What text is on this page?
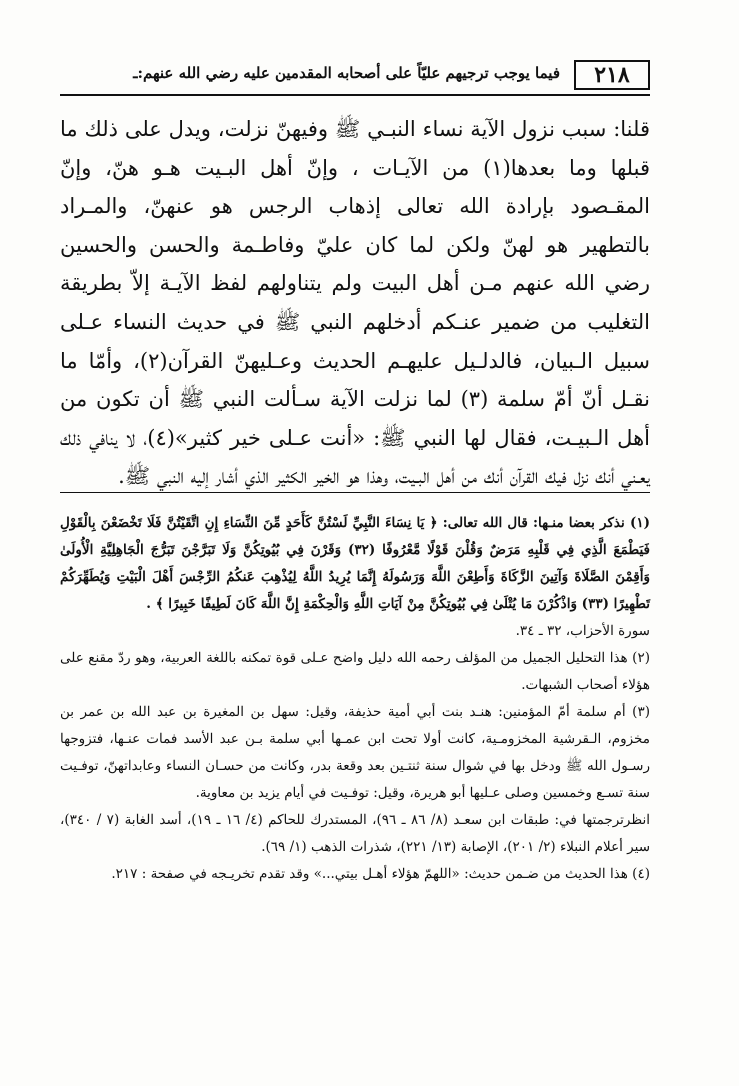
٢١٨
فيما يوجب ترجيهم عليّاً على أصحابه المقدمين عليه رضي الله عنهم:ـ

قلنا: سبب نزول الآية نساء النبـي ﷺ وفيهنّ نزلت، ويدل على ذلك ما قبلها وما بعدها(١) من الآيـات ، وإنّ أهل البـيت هـو هنّ، وإنّ المقـصود بإرادة الله تعالى إذهاب الرجس هو عنهنّ، والمـراد بالتطهير هو لهنّ ولكن لما كان عليّ وفاطـمة والحسن والحسين رضي الله عنهم مـن أهل البيت ولم يتناولهم لفظ الآيـة إلاّ بطريقة التغليب من ضمير عنـكم أدخلهم النبي ﷺ في حديث النساء عـلى سبيل الـبيان، فالدلـيل عليهـم الحديث وعـليهنّ القرآن(٢)، وأمّا ما نقـل أنّ أمّ سلمة (٣) لما نزلت الآية سـألت النبي ﷺ أن تكون من أهل الـبيـت، فقال لها النبي ﷺ: «أنت عـلى خير كثير»(٤)، لا ينافي ذلك يعـني أنك نزل فيك القرآن أنك من أهل البـيت، وهذا هو الخير الكثير الذي أشار إليه النبي ﷺ.

(١) نذكر بعضا منـها: قال الله تعالى: ﴿ يَا نِسَاءَ النَّبِيِّ لَسْتُنَّ كَأَحَدٍ مِّنَ النِّسَاءِ إِنِ اتَّقَيْتُنَّ فَلَا تَخْضَعْنَ بِالْقَوْلِ فَيَطْمَعَ الَّذِي فِي قَلْبِهِ مَرَضٌ وَقُلْنَ قَوْلًا مَّعْرُوفًا (٣٢) وَقَرْنَ فِي بُيُوتِكُنَّ وَلَا تَبَرَّجْنَ تَبَرُّجَ الْجَاهِلِيَّةِ الْأُولَىٰ وَأَقِمْنَ الصَّلَاةَ وَآتِينَ الزَّكَاةَ وَأَطِعْنَ اللَّهَ وَرَسُولَهُ إِنَّمَا يُرِيدُ اللَّهُ لِيُذْهِبَ عَنكُمُ الرِّجْسَ أَهْلَ الْبَيْتِ وَيُطَهِّرَكُمْ تَطْهِيرًا (٣٣) وَاذْكُرْنَ مَا يُتْلَىٰ فِي بُيُوتِكُنَّ مِنْ آيَاتِ اللَّهِ وَالْحِكْمَةِ إِنَّ اللَّهَ كَانَ لَطِيفًا خَبِيرًا ﴾ .

سورة الأحزاب، ٣٢ ـ ٣٤.

(٢) هذا التحليل الجميل من المؤلف رحمه الله دليل واضح عـلى قوة تمكنه باللغة العربية، وهو ردّ مقنع على هؤلاء أصحاب الشبهات.

(٣) أم سلمة أمّ المؤمنين: هنـد بنت أبي أمية حذيفة، وقيل: سهل بن المغيرة بن عبد الله بن عمر بن مخزوم، الـقرشية المخزومـية، كانت أولا تحت ابن عمـها أبي سلمة بـن عبد الأسد فمات عنـها، فتزوجها رسـول الله ﷺ ودخل بها في شوال سنة ثنتـين بعد وقعة بدر، وكانت من حسـان النساء وعابداتهنّ، توفـيت سنة تسـع وخمسين وصلى عـليها أبو هريرة، وقيل: توفـيت في أيام يزيد بن معاوية.

انظرترجمتها في: طبقات ابن سعـد (٨/ ٨٦ ـ ٩٦)، المستدرك للحاكم (٤/ ١٦ ـ ١٩)، أسد الغابة (٧ / ٣٤٠)، سير أعلام النبلاء (٢/ ٢٠١)، الإصابة (١٣/ ٢٢١)، شذرات الذهب (١/ ٦٩).

(٤) هذا الحديث من ضـمن حديث: «اللهمّ هؤلاء أهـل بيتي...» وقد تقدم تخريـجه في صفحة : ٢١٧.
